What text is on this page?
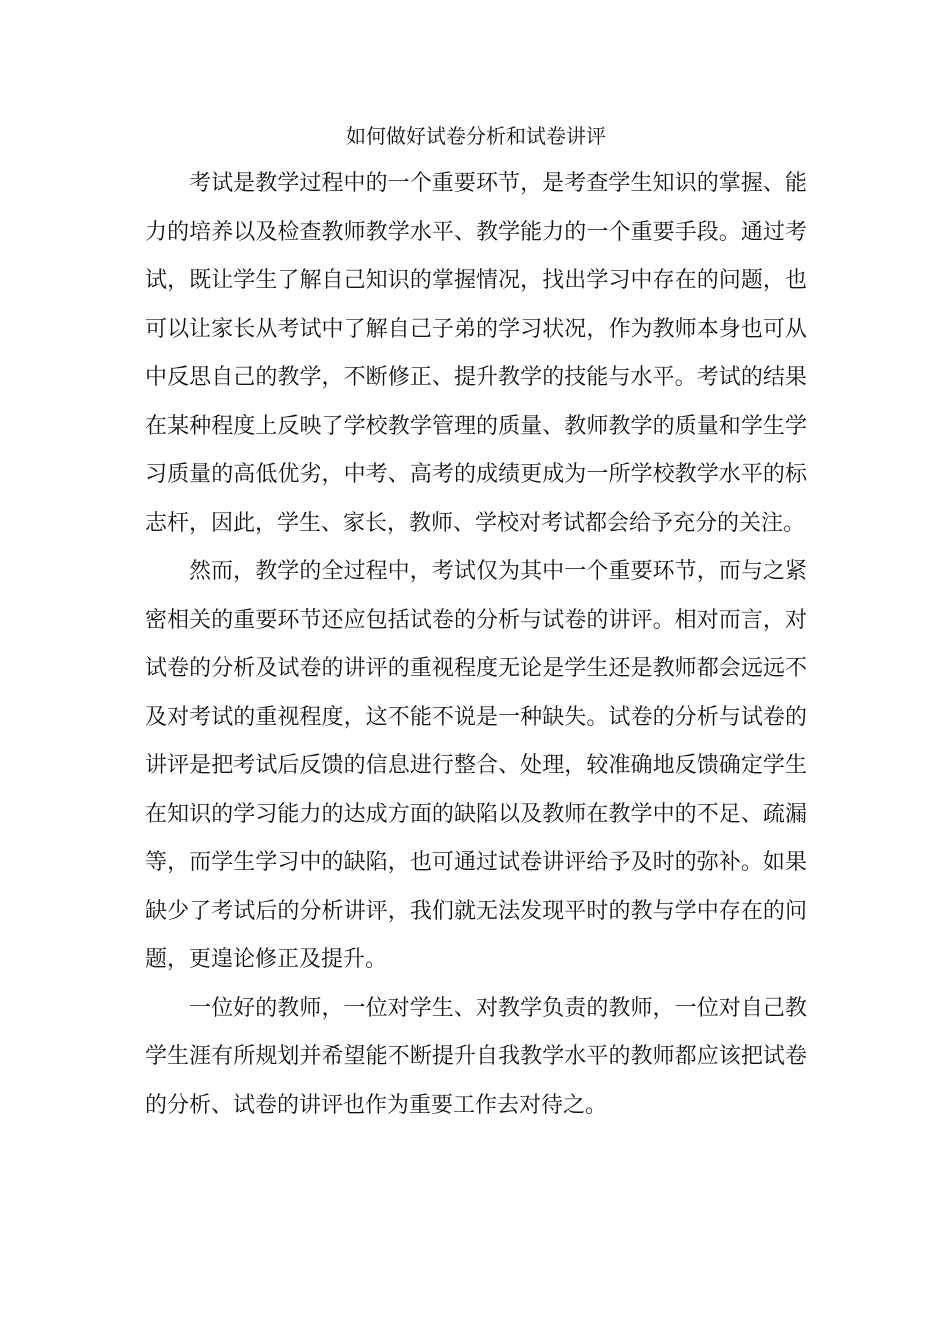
如何做好试卷分析和试卷讲评

考试是教学过程中的一个重要环节，是考查学生知识的掌握、能力的培养以及检查教师教学水平、教学能力的一个重要手段。通过考试，既让学生了解自己知识的掌握情况，找出学习中存在的问题，也可以让家长从考试中了解自己子弟的学习状况，作为教师本身也可从中反思自己的教学，不断修正、提升教学的技能与水平。考试的结果在某种程度上反映了学校教学管理的质量、教师教学的质量和学生学习质量的高低优劣，中考、高考的成绩更成为一所学校教学水平的标志杆，因此，学生、家长，教师、学校对考试都会给予充分的关注。

然而，教学的全过程中，考试仅为其中一个重要环节，而与之紧密相关的重要环节还应包括试卷的分析与试卷的讲评。相对而言，对试卷的分析及试卷的讲评的重视程度无论是学生还是教师都会远远不及对考试的重视程度，这不能不说是一种缺失。试卷的分析与试卷的讲评是把考试后反馈的信息进行整合、处理，较准确地反馈确定学生在知识的学习能力的达成方面的缺陷以及教师在教学中的不足、疏漏等，而学生学习中的缺陷，也可通过试卷讲评给予及时的弥补。如果缺少了考试后的分析讲评，我们就无法发现平时的教与学中存在的问题，更遑论修正及提升。

一位好的教师，一位对学生、对教学负责的教师，一位对自己教学生涯有所规划并希望能不断提升自我教学水平的教师都应该把试卷的分析、试卷的讲评也作为重要工作去对待之。
